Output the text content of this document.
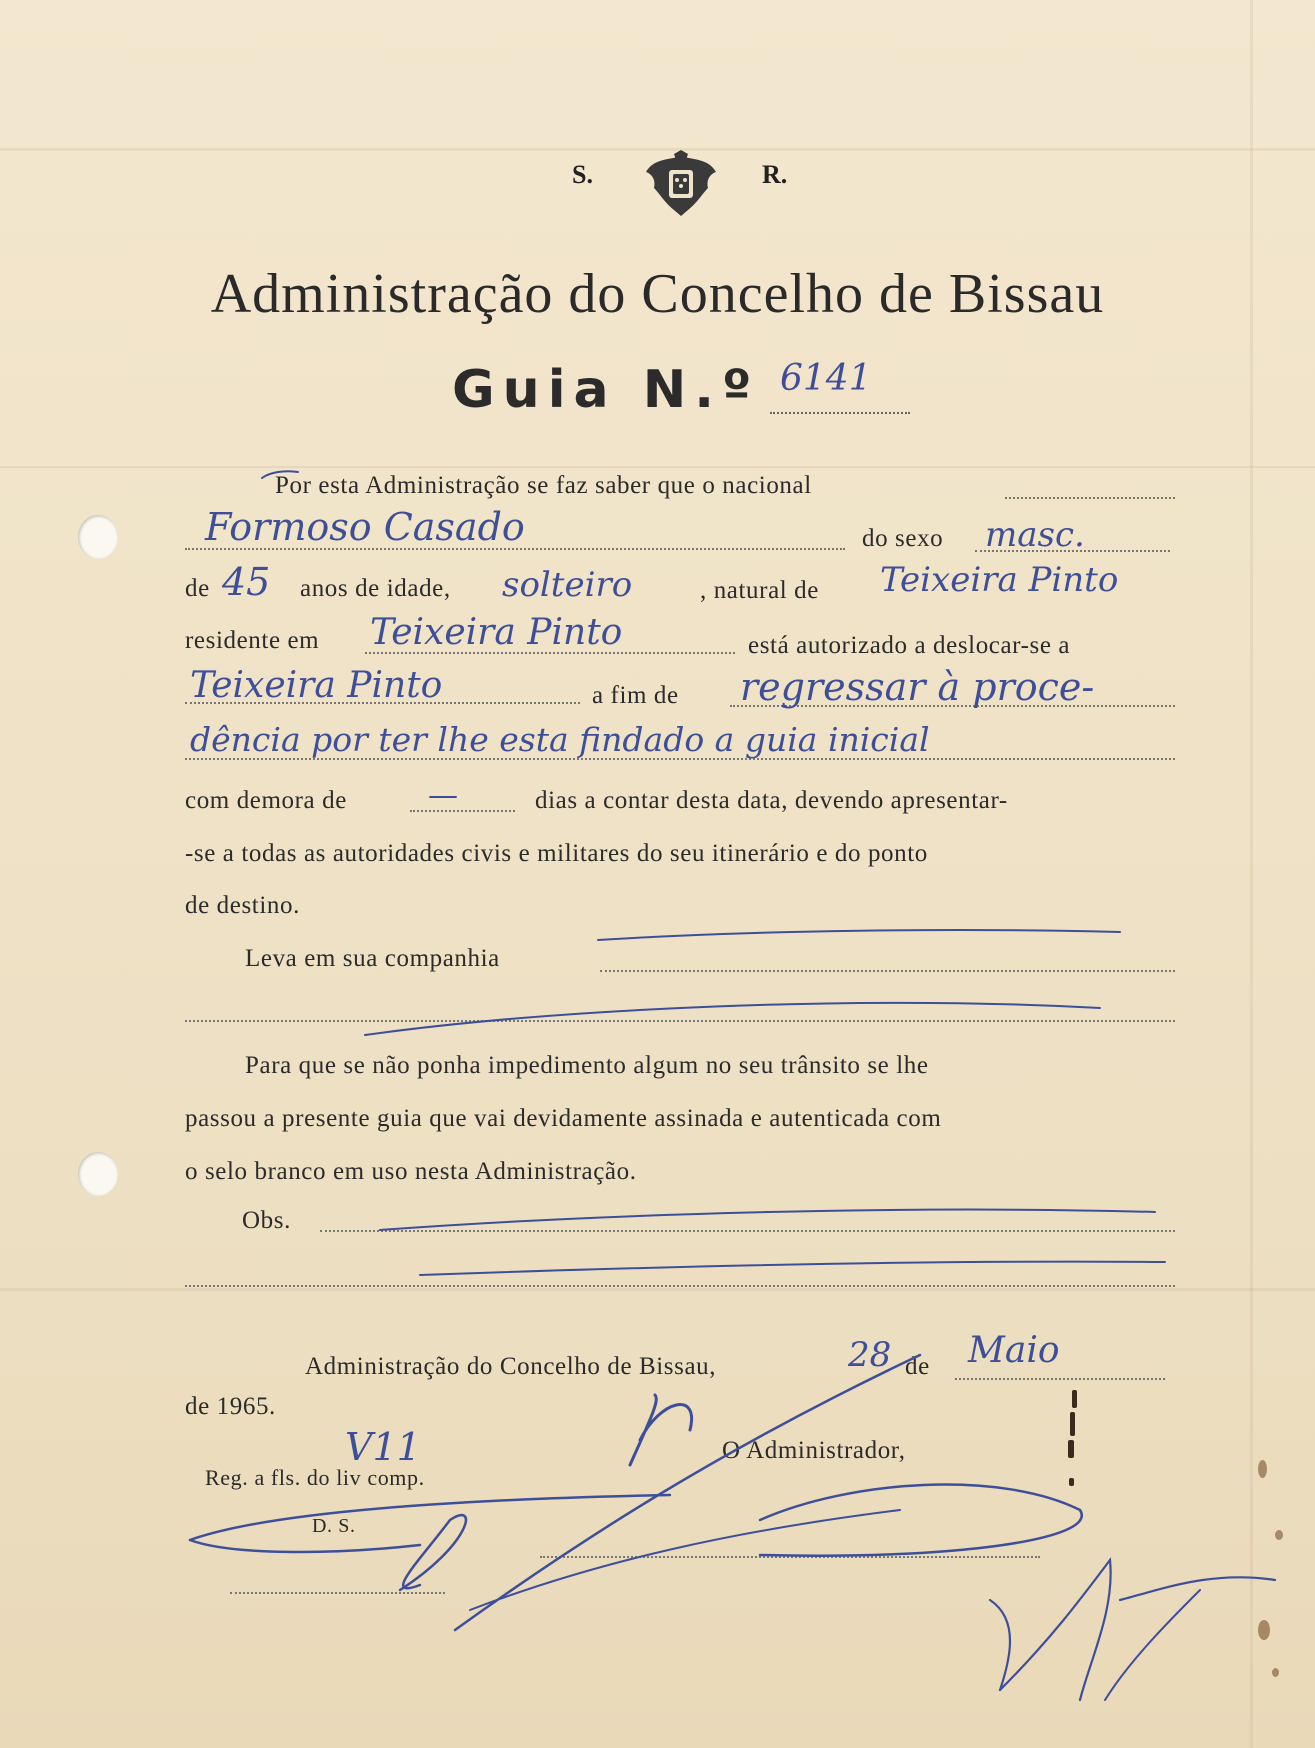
S.	R.
Administração do Concelho de Bissau
Guia N.º 6141
Por esta Administração se faz saber que o nacional
Formoso Casado	do sexo masc.
de 45 anos de idade, solteiro	, natural de Teixeira Pinto
residente em Teixeira Pinto	está autorizado a deslocar-se a
Teixeira Pinto	a fim de regressar à proce-
dência por ter lhe esta findado a guia inicial
com demora de	—	dias a contar desta data, devendo apresentar-
-se a todas as autoridades civis e militares do seu itinerário e do ponto
de destino.
Leva em sua companhia
Para que se não ponha impedimento algum no seu trânsito se lhe
passou a presente guia que vai devidamente assinada e autenticada com
o selo branco em uso nesta Administração.
Obs.
Administração do Concelho de Bissau,	28 de Maio
de 1965.
V11
Reg. a fls. do liv comp.
O Administrador,
D. S.
